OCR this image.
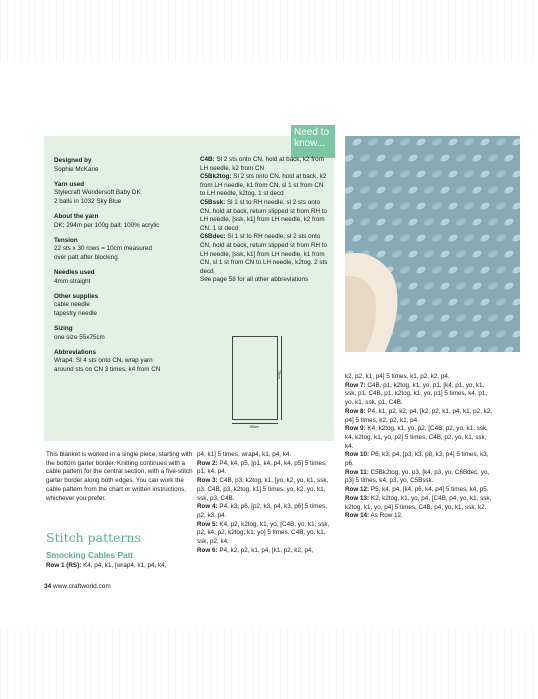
Need to
know...
Designed by
Sophie McKane
Yarn used
Stylecraft Wondersoft Baby DK
2 balls in 1032 Sky Blue
About the yarn
DK; 294m per 100g ball; 100% acrylic
Tension
22 sts x 30 rows = 10cm measured
over patt after blocking
Needles used
4mm straight
Other supplies
cable needle
tapestry needle
Sizing
one size 55x75cm
Abbreviations
Wrap4: Sl 4 sts onto CN, wrap yarn
around sts on CN 3 times, k4 from CN

C4B: Sl 2 sts onto CN, hold at back, k2 from LH needle, k2 from CN

C5Bk2tog: Sl 2 sts onto CN, hold at back, k2 from LH needle, k1 from CN, sl 1 st from CN to LH needle, k2tog. 1 st decd

C5Bssk: Sl 1 st to RH needle, sl 2 sts onto CN, hold at back, return slipped st from RH to LH needle, [ssk, k1] from LH needle, k2 from CN. 1 st decd

C6Bdec: Sl 1 st to RH needle, sl 2 sts onto CN, hold at back, return slipped st from RH to LH needle, [ssk, k1] from LH needle, k1 from CN, sl 1 st from CN to LH needle, k2tog. 2 sts decd

See page 58 for all other abbreviations

75cm
55cm
This blanket is worked in a single piece, starting with the bottom garter border. Knitting continues with a cable pattern for the central section, with a five-stitch garter border along both edges. You can work the cable pattern from the chart or written instructions, whichever you prefer.
Stitch patterns
Smocking Cables Patt
Row 1 (RS): K4, p4, k1, [wrap4, k1, p4, k4,

p4, k1] 5 times, wrap4, k1, p4, k4.

Row 2: P4, k4, p5, [p1, k4, p4, k4, p5] 5 times, p1, k4, p4.

Row 3: C4B, p3, k2tog, k1, [yo, k2, yo, k1, ssk, p3, C4B, p3, k2tog, k1] 5 times, yo, k2, yo, k1, ssk, p3, C4B.

Row 4: P4, k3, p6, [p2, k3, p4, k3, p6] 5 times, p2, k3, p4.

Row 5: K4, p2, k2tog, k1, yo, [C4B, yo, k1, ssk, p2, k4, p2, k2tog, k1, yo] 5 times, C4B, yo, k1, ssk, p2, k4.

Row 6: P4, k2, p2, k1, p4, [k1, p2, k2, p4,

k2, p2, k1, p4] 5 times, k1, p2, k2, p4.

Row 7: C4B, p1, k2tog, k1, yo, p1, [k4, p1, yo, k1, ssk, p1, C4B, p1, k2tog, k1, yo, p1] 5 times, k4, p1, yo, k1, ssk, p1, C4B.

Row 8: P4, k1, p2, k2, p4, [k2, p2, k1, p4, k1, p2, k2, p4] 5 times, k2, p2, k1, p4.

Row 9: K4, k2tog, k1, yo, p2, [C4B, p2, yo, k1, ssk, k4, k2tog, k1, yo, p2] 5 times, C4B, p2, yo, k1, ssk, k4.

Row 10: P6, k3, p4, [p3, k3, p8, k3, p4] 5 times, k3, p6.

Row 11: C5Bk2tog, yo, p3, [k4, p3, yo, C6Bdec, yo, p3] 5 times, k4, p3, yo, C5Bssk.

Row 12: P5, k4, p4, [k4, p6, k4, p4] 5 times, k4, p5.

Row 13: K2, k2tog, k1, yo, p4, [C4B, p4, yo, k1, ssk, k2tog, k1, yo, p4] 5 times, C4B, p4, yo, k1, ssk, k2.

Row 14: As Row 12.

34 www.craftworld.com
